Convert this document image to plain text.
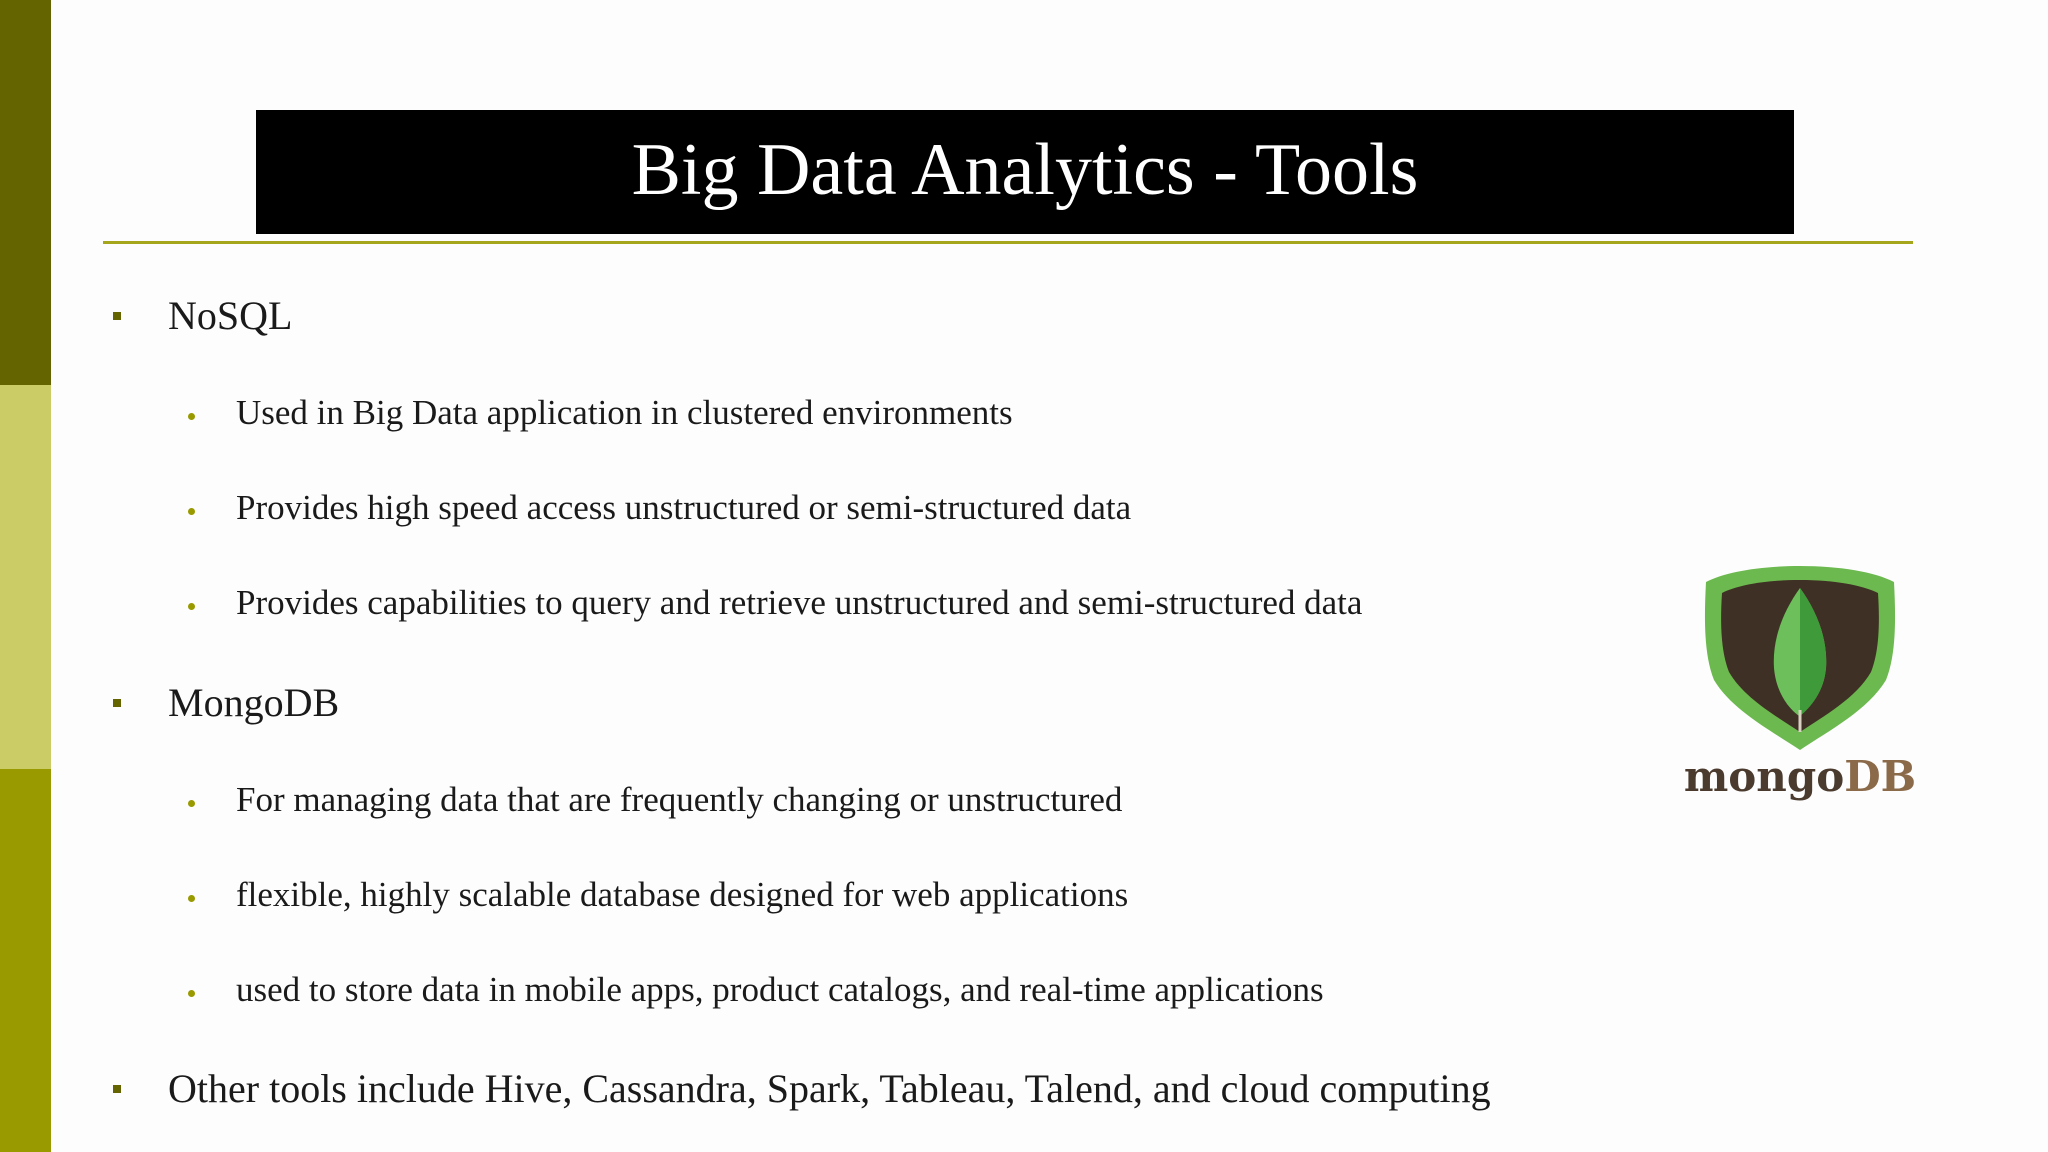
Big Data Analytics - Tools
NoSQL
Used in Big Data application in clustered environments
Provides high speed access unstructured or semi-structured data
Provides capabilities to query and retrieve unstructured and semi-structured data
MongoDB
For managing data that are frequently changing or unstructured
flexible, highly scalable database designed for web applications
used to store data in mobile apps, product catalogs, and real-time applications
Other tools include Hive, Cassandra, Spark, Tableau, Talend, and cloud computing
mongoDB
